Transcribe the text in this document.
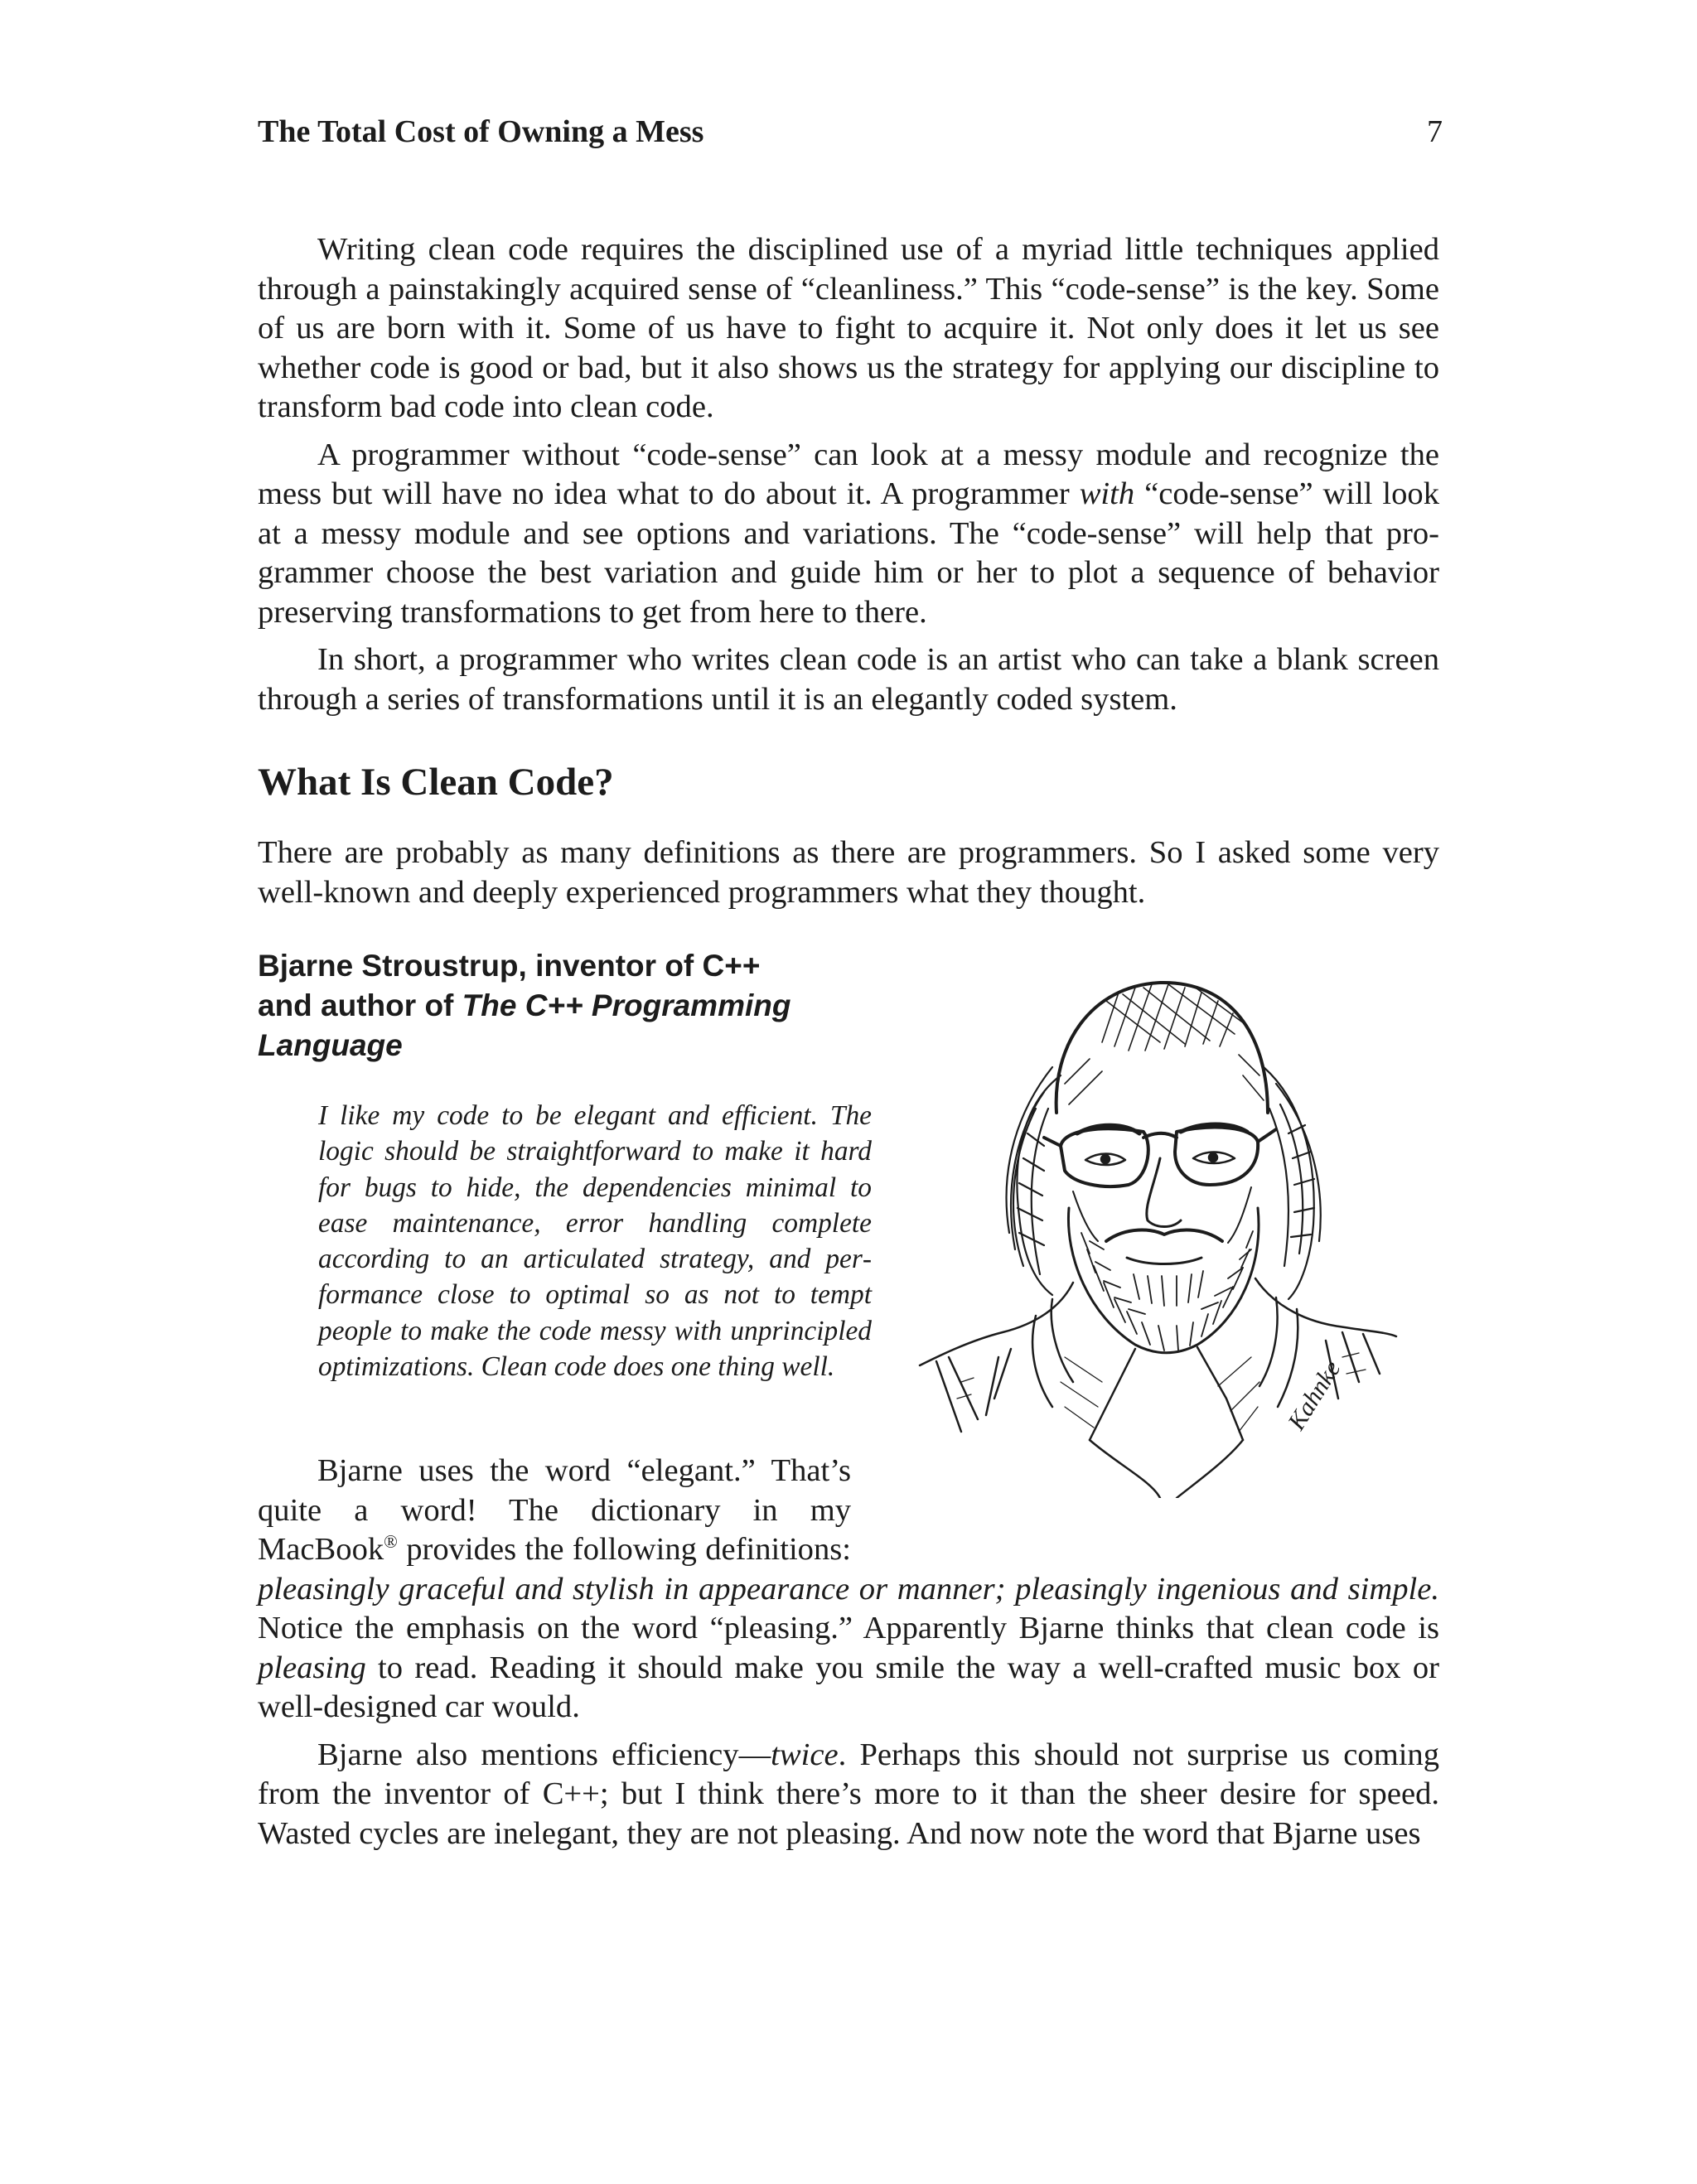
The Total Cost of Owning a Mess	7

Writing clean code requires the disciplined use of a myriad little techniques applied through a painstakingly acquired sense of “cleanliness.” This “code-sense” is the key. Some of us are born with it. Some of us have to fight to acquire it. Not only does it let us see whether code is good or bad, but it also shows us the strategy for applying our discipline to transform bad code into clean code.

A programmer without “code-sense” can look at a messy module and recognize the mess but will have no idea what to do about it. A programmer with “code-sense” will look at a messy module and see options and variations. The “code-sense” will help that programmer choose the best variation and guide him or her to plot a sequence of behavior preserving transformations to get from here to there.

In short, a programmer who writes clean code is an artist who can take a blank screen through a series of transformations until it is an elegantly coded system.

What Is Clean Code?

There are probably as many definitions as there are programmers. So I asked some very well-known and deeply experienced programmers what they thought.

Bjarne Stroustrup, inventor of C++
and author of The C++ Programming Language

I like my code to be elegant and efficient. The logic should be straightforward to make it hard for bugs to hide, the dependencies minimal to ease maintenance, error handling complete according to an articulated strategy, and performance close to optimal so as not to tempt people to make the code messy with unprincipled optimizations. Clean code does one thing well.	Kahnke

Bjarne uses the word “elegant.” That’s quite a word! The dictionary in my MacBook® provides the following definitions: pleasingly graceful and stylish in appearance or manner; pleasingly ingenious and simple. Notice the emphasis on the word “pleasing.” Apparently Bjarne thinks that clean code is pleasing to read. Reading it should make you smile the way a well-crafted music box or well-designed car would.

Bjarne also mentions efficiency—twice. Perhaps this should not surprise us coming from the inventor of C++; but I think there’s more to it than the sheer desire for speed. Wasted cycles are inelegant, they are not pleasing. And now note the word that Bjarne uses
